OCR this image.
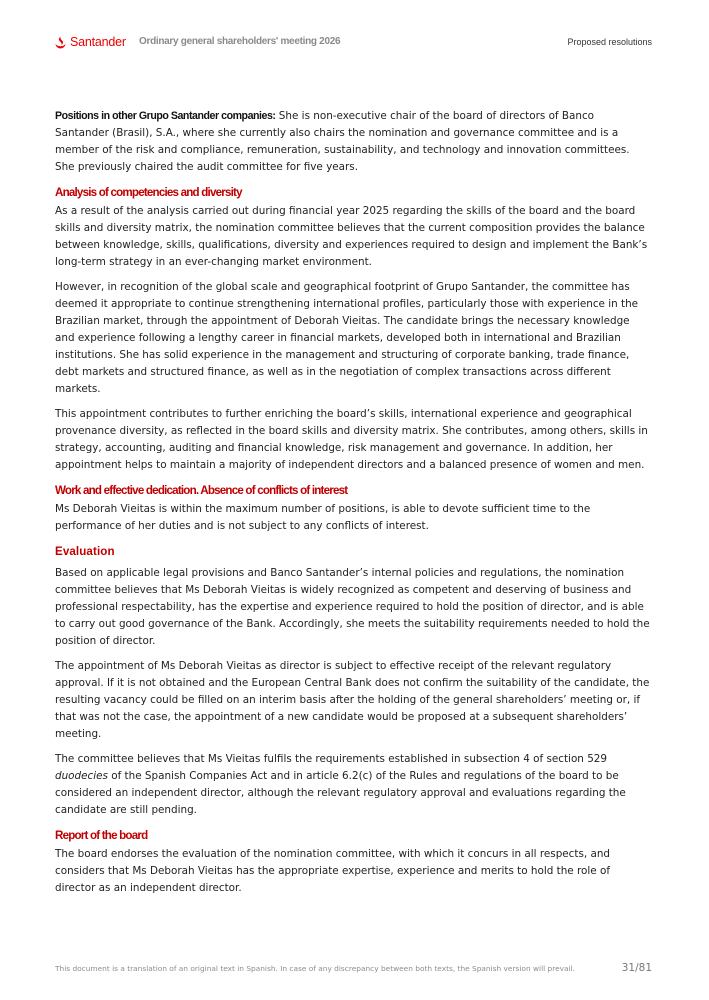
Santander Ordinary general shareholders' meeting 2026	Proposed resolutions

Positions in other Grupo Santander companies: She is non-executive chair of the board of directors of Banco Santander (Brasil), S.A., where she currently also chairs the nomination and governance committee and is a member of the risk and compliance, remuneration, sustainability, and technology and innovation committees. She previously chaired the audit committee for five years.

Analysis of competencies and diversity

As a result of the analysis carried out during financial year 2025 regarding the skills of the board and the board skills and diversity matrix, the nomination committee believes that the current composition provides the balance between knowledge, skills, qualifications, diversity and experiences required to design and implement the Bank’s long-term strategy in an ever-changing market environment.

However, in recognition of the global scale and geographical footprint of Grupo Santander, the committee has deemed it appropriate to continue strengthening international profiles, particularly those with experience in the Brazilian market, through the appointment of Deborah Vieitas. The candidate brings the necessary knowledge and experience following a lengthy career in financial markets, developed both in international and Brazilian institutions. She has solid experience in the management and structuring of corporate banking, trade finance, debt markets and structured finance, as well as in the negotiation of complex transactions across different markets.

This appointment contributes to further enriching the board’s skills, international experience and geographical provenance diversity, as reflected in the board skills and diversity matrix. She contributes, among others, skills in strategy, accounting, auditing and financial knowledge, risk management and governance. In addition, her appointment helps to maintain a majority of independent directors and a balanced presence of women and men.

Work and effective dedication. Absence of conflicts of interest

Ms Deborah Vieitas is within the maximum number of positions, is able to devote sufficient time to the performance of her duties and is not subject to any conflicts of interest.

Evaluation

Based on applicable legal provisions and Banco Santander’s internal policies and regulations, the nomination committee believes that Ms Deborah Vieitas is widely recognized as competent and deserving of business and professional respectability, has the expertise and experience required to hold the position of director, and is able to carry out good governance of the Bank. Accordingly, she meets the suitability requirements needed to hold the position of director.

The appointment of Ms Deborah Vieitas as director is subject to effective receipt of the relevant regulatory approval. If it is not obtained and the European Central Bank does not confirm the suitability of the candidate, the resulting vacancy could be filled on an interim basis after the holding of the general shareholders’ meeting or, if that was not the case, the appointment of a new candidate would be proposed at a subsequent shareholders’ meeting.

The committee believes that Ms Vieitas fulfils the requirements established in subsection 4 of section 529 duodecies of the Spanish Companies Act and in article 6.2(c) of the Rules and regulations of the board to be considered an independent director, although the relevant regulatory approval and evaluations regarding the candidate are still pending.

Report of the board

The board endorses the evaluation of the nomination committee, with which it concurs in all respects, and considers that Ms Deborah Vieitas has the appropriate expertise, experience and merits to hold the role of director as an independent director.

This document is a translation of an original text in Spanish. In case of any discrepancy between both texts, the Spanish version will prevail.	31/81
